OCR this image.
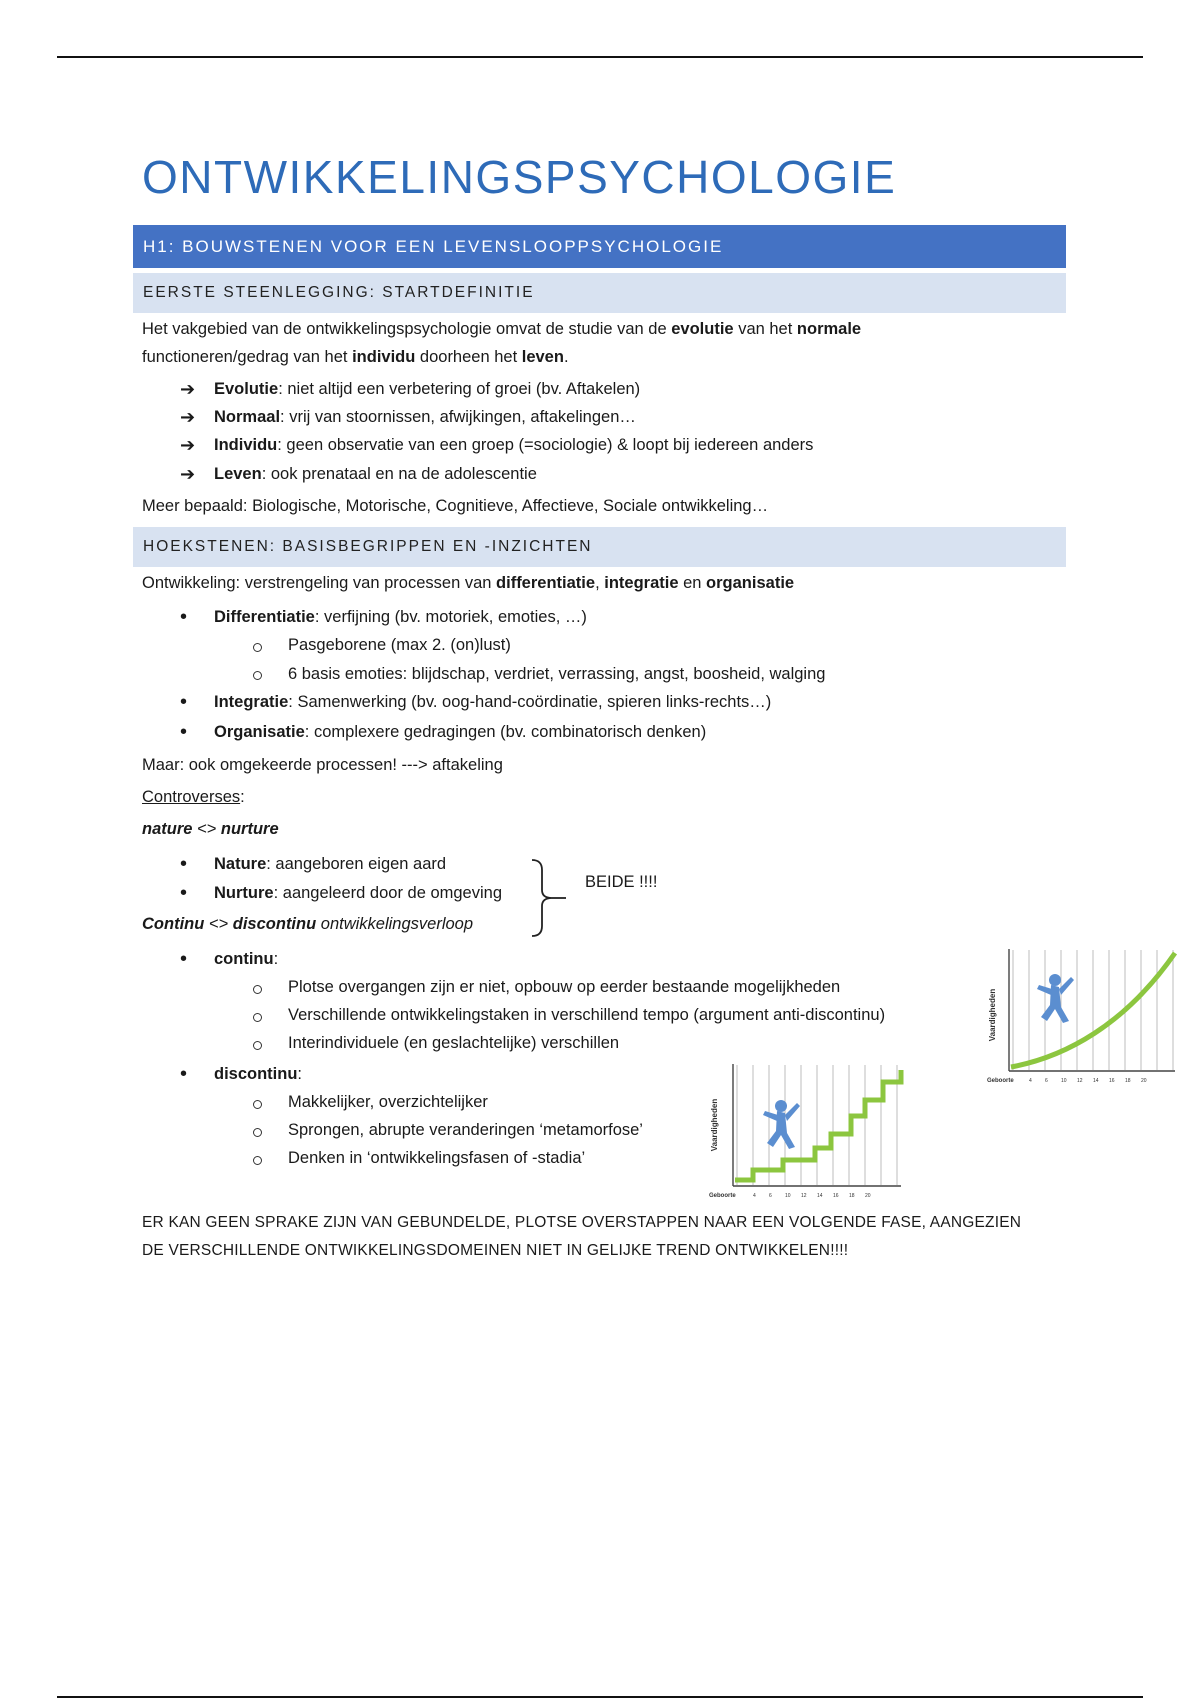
ONTWIKKELINGSPSYCHOLOGIE
H1: BOUWSTENEN VOOR EEN LEVENSLOOPPSYCHOLOGIE
EERSTE STEENLEGGING: STARTDEFINITIE
Het vakgebied van de ontwikkelingspsychologie omvat de studie van de evolutie van het normale
functioneren/gedrag van het individu doorheen het leven.
➔ Evolutie: niet altijd een verbetering of groei (bv. Aftakelen)
➔ Normaal: vrij van stoornissen, afwijkingen, aftakelingen…
➔ Individu: geen observatie van een groep (=sociologie) & loopt bij iedereen anders
➔ Leven: ook prenataal en na de adolescentie
Meer bepaald: Biologische, Motorische, Cognitieve, Affectieve, Sociale ontwikkeling…
HOEKSTENEN: BASISBEGRIPPEN EN -INZICHTEN
Ontwikkeling: verstrengeling van processen van differentiatie, integratie en organisatie
• Differentiatie: verfijning (bv. motoriek, emoties, …)
Pasgeborene (max 2. (on)lust)
6 basis emoties: blijdschap, verdriet, verrassing, angst, boosheid, walging
• Integratie: Samenwerking (bv. oog-hand-coördinatie, spieren links-rechts…)
• Organisatie: complexere gedragingen (bv. combinatorisch denken)
Maar: ook omgekeerde processen! ---> aftakeling
Controverses:
nature <> nurture
• Nature: aangeboren eigen aard
• Nurture: aangeleerd door de omgeving
BEIDE !!!!
Continu <> discontinu ontwikkelingsverloop
• continu:
Plotse overgangen zijn er niet, opbouw op eerder bestaande mogelijkheden
Verschillende ontwikkelingstaken in verschillend tempo (argument anti-discontinu)
Interindividuele (en geslachtelijke) verschillen
• discontinu:
Makkelijker, overzichtelijker
Sprongen, abrupte veranderingen ‘metamorfose’
Denken in ‘ontwikkelingsfasen of -stadia’
Vaardigheden
Geboorte	4	6	10 12 14 16 18 20
Vaardigheden
Geboorte	4	6	10 12 14 16 18 20
ER KAN GEEN SPRAKE ZIJN VAN GEBUNDELDE, PLOTSE OVERSTAPPEN NAAR EEN VOLGENDE FASE, AANGEZIEN
DE VERSCHILLENDE ONTWIKKELINGSDOMEINEN NIET IN GELIJKE TREND ONTWIKKELEN!!!!
